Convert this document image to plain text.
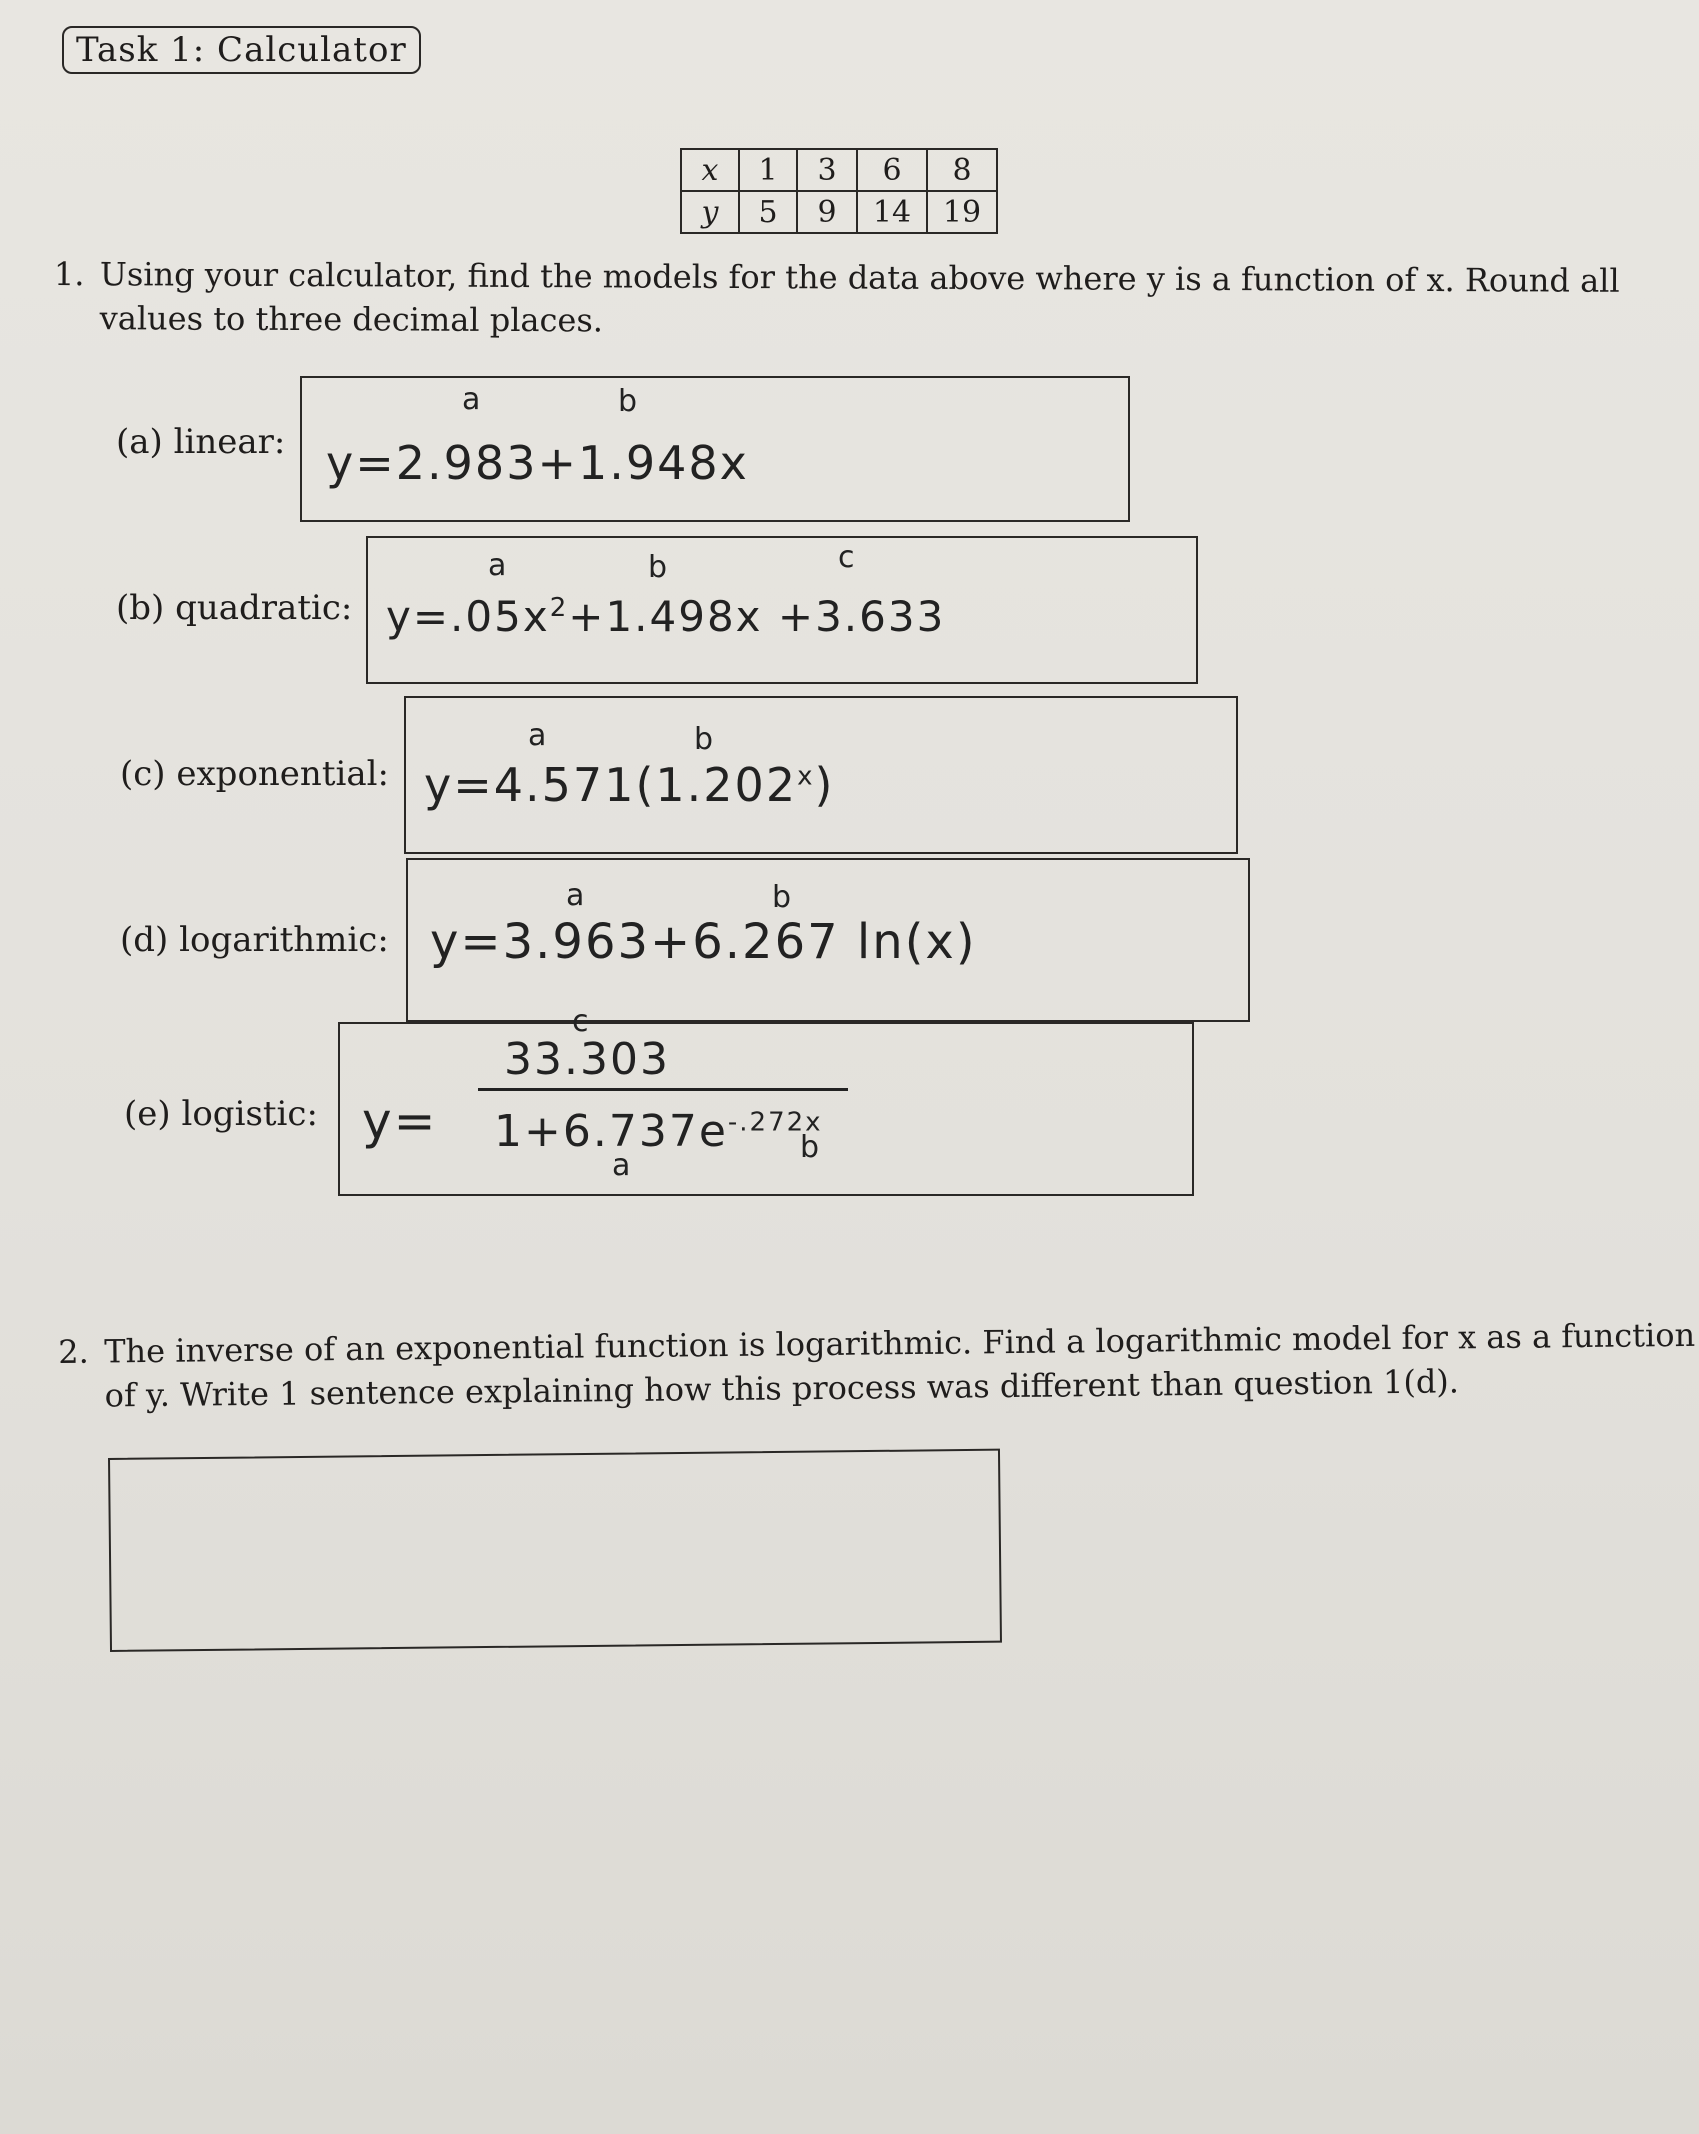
Task 1: Calculator
x	1	3	6	8
y	5	9	14	19
1. Using your calculator, find the models for the data above where y is a function of x. Round all values to three decimal places.
(a) linear:
a	b
y=2.983+1.948x
(b) quadratic:
a	b	c
$y=.05x^2+1.498x +3.633$
(c) exponential:
a	b
$y=4.571(1.202^x)$
(d) logarithmic:
a	b
y=3.963+6.267 ln(x)
(e) logistic: y=
33.303
c
$1+6.737e^{-.272x}$
a
b
2. The inverse of an exponential function is logarithmic. Find a logarithmic model for x as a function of y. Write 1 sentence explaining how this process was different than question 1(d).
